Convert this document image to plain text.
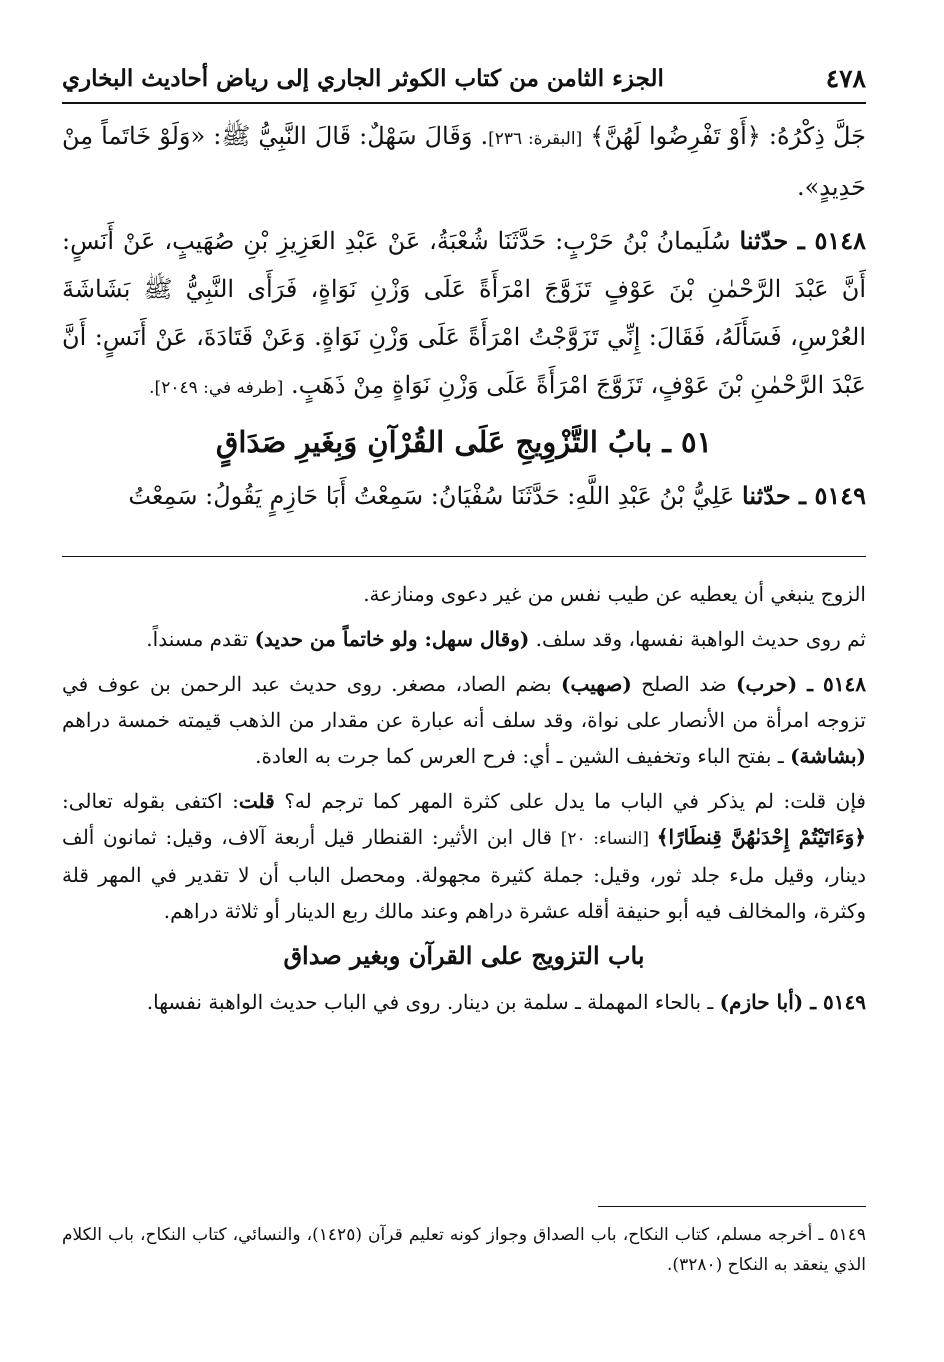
٤٧٨
الجزء الثامن من كتاب الكوثر الجاري إلى رياض أحاديث البخاري

جَلَّ ذِكْرُهُ: ﴿أَوْ تَفْرِضُوا لَهُنَّ﴾ [البقرة: ٢٣٦]. وَقَالَ سَهْلٌ: قَالَ النَّبِيُّ ﷺ: «وَلَوْ خَاتَماً مِنْ حَدِيدٍ».

٥١٤٨ ـ حدّثنا سُلَيمانُ بْنُ حَرْبٍ: حَدَّثَنَا شُعْبَةُ، عَنْ عَبْدِ العَزِيزِ بْنِ صُهَيبٍ، عَنْ أَنَسٍ: أَنَّ عَبْدَ الرَّحْمٰنِ بْنَ عَوْفٍ تَزَوَّجَ امْرَأَةً عَلَى وَزْنِ نَوَاةٍ، فَرَأَى النَّبِيُّ ﷺ بَشَاشَةَ العُرْسِ، فَسَأَلَهُ، فَقَالَ: إِنِّي تَزَوَّجْتُ امْرَأَةً عَلَى وَزْنِ نَوَاةٍ. وَعَنْ قَتَادَةَ، عَنْ أَنَسٍ: أَنَّ عَبْدَ الرَّحْمٰنِ بْنَ عَوْفٍ، تَزَوَّجَ امْرَأَةً عَلَى وَزْنِ نَوَاةٍ مِنْ ذَهَبٍ. [طرفه في: ٢٠٤٩].

٥١ ـ بابُ التَّزْوِيجِ عَلَى القُرْآنِ وَبِغَيرِ صَدَاقٍ

٥١٤٩ ـ حدّثنا عَلِيُّ بْنُ عَبْدِ اللَّهِ: حَدَّثَنَا سُفْيَانُ: سَمِعْتُ أَبَا حَازِمٍ يَقُولُ: سَمِعْتُ

الزوج ينبغي أن يعطيه عن طيب نفس من غير دعوى ومنازعة.

ثم روى حديث الواهبة نفسها، وقد سلف. (وقال سهل: ولو خاتماً من حديد) تقدم مسنداً.

٥١٤٨ ـ (حرب) ضد الصلح (صهيب) بضم الصاد، مصغر. روى حديث عبد الرحمن بن عوف في تزوجه امرأة من الأنصار على نواة، وقد سلف أنه عبارة عن مقدار من الذهب قيمته خمسة دراهم (بشاشة) ـ بفتح الباء وتخفيف الشين ـ أي: فرح العرس كما جرت به العادة.

فإن قلت: لم يذكر في الباب ما يدل على كثرة المهر كما ترجم له؟ قلت: اكتفى بقوله تعالى: ﴿وَءَاتَيْتُمْ إِحْدَىٰهُنَّ قِنطَارًا﴾ [النساء: ٢٠] قال ابن الأثير: القنطار قيل أربعة آلاف، وقيل: ثمانون ألف دينار، وقيل ملء جلد ثور، وقيل: جملة كثيرة مجهولة. ومحصل الباب أن لا تقدير في المهر قلة وكثرة، والمخالف فيه أبو حنيفة أقله عشرة دراهم وعند مالك ربع الدينار أو ثلاثة دراهم.

باب التزويج على القرآن وبغير صداق

٥١٤٩ ـ (أبا حازم) ـ بالحاء المهملة ـ سلمة بن دينار. روى في الباب حديث الواهبة نفسها.

٥١٤٩ ـ أخرجه مسلم، كتاب النكاح، باب الصداق وجواز كونه تعليم قرآن (١٤٢٥)، والنسائي، كتاب النكاح، باب الكلام الذي ينعقد به النكاح (٣٢٨٠).
